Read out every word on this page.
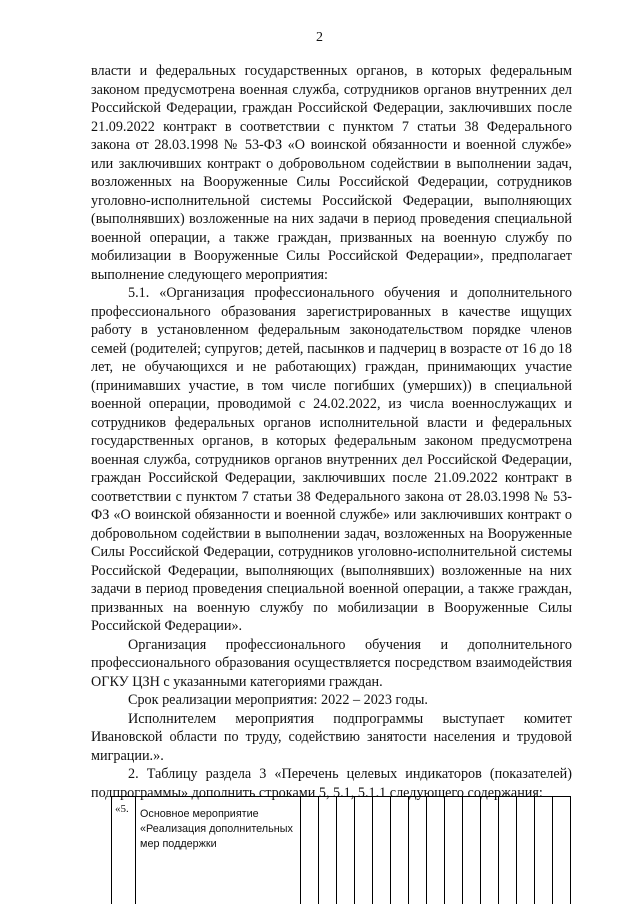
2

власти и федеральных государственных органов, в которых федеральным законом предусмотрена военная служба, сотрудников органов внутренних дел Российской Федерации, граждан Российской Федерации, заключивших после 21.09.2022 контракт в соответствии с пунктом 7 статьи 38 Федерального закона от 28.03.1998 № 53-ФЗ «О воинской обязанности и военной службе» или заключивших контракт о добровольном содействии в выполнении задач, возложенных на Вооруженные Силы Российской Федерации, сотрудников уголовно-исполнительной системы Российской Федерации, выполняющих (выполнявших) возложенные на них задачи в период проведения специальной военной операции, а также граждан, призванных на военную службу по мобилизации в Вооруженные Силы Российской Федерации», предполагает выполнение следующего мероприятия:

5.1. «Организация профессионального обучения и дополнительного профессионального образования зарегистрированных в качестве ищущих работу в установленном федеральным законодательством порядке членов семей (родителей; супругов; детей, пасынков и падчериц в возрасте от 16 до 18 лет, не обучающихся и не работающих) граждан, принимающих участие (принимавших участие, в том числе погибших (умерших)) в специальной военной операции, проводимой с 24.02.2022, из числа военнослужащих и сотрудников федеральных органов исполнительной власти и федеральных государственных органов, в которых федеральным законом предусмотрена военная служба, сотрудников органов внутренних дел Российской Федерации, граждан Российской Федерации, заключивших после 21.09.2022 контракт в соответствии с пунктом 7 статьи 38 Федерального закона от 28.03.1998 № 53-ФЗ «О воинской обязанности и военной службе» или заключивших контракт о добровольном содействии в выполнении задач, возложенных на Вооруженные Силы Российской Федерации, сотрудников уголовно-исполнительной системы Российской Федерации, выполняющих (выполнявших) возложенные на них задачи в период проведения специальной военной операции, а также граждан, призванных на военную службу по мобилизации в Вооруженные Силы Российской Федерации».

Организация профессионального обучения и дополнительного профессионального образования осуществляется посредством взаимодействия ОГКУ ЦЗН с указанными категориями граждан.

Срок реализации мероприятия: 2022 – 2023 годы.

Исполнителем мероприятия подпрограммы выступает комитет Ивановской области по труду, содействию занятости населения и трудовой миграции.».

2. Таблицу раздела 3 «Перечень целевых индикаторов (показателей) подпрограммы» дополнить строками 5, 5.1, 5.1.1 следующего содержания:

«5.	Основное мероприятие «Реализация дополнительных мер поддержки															
